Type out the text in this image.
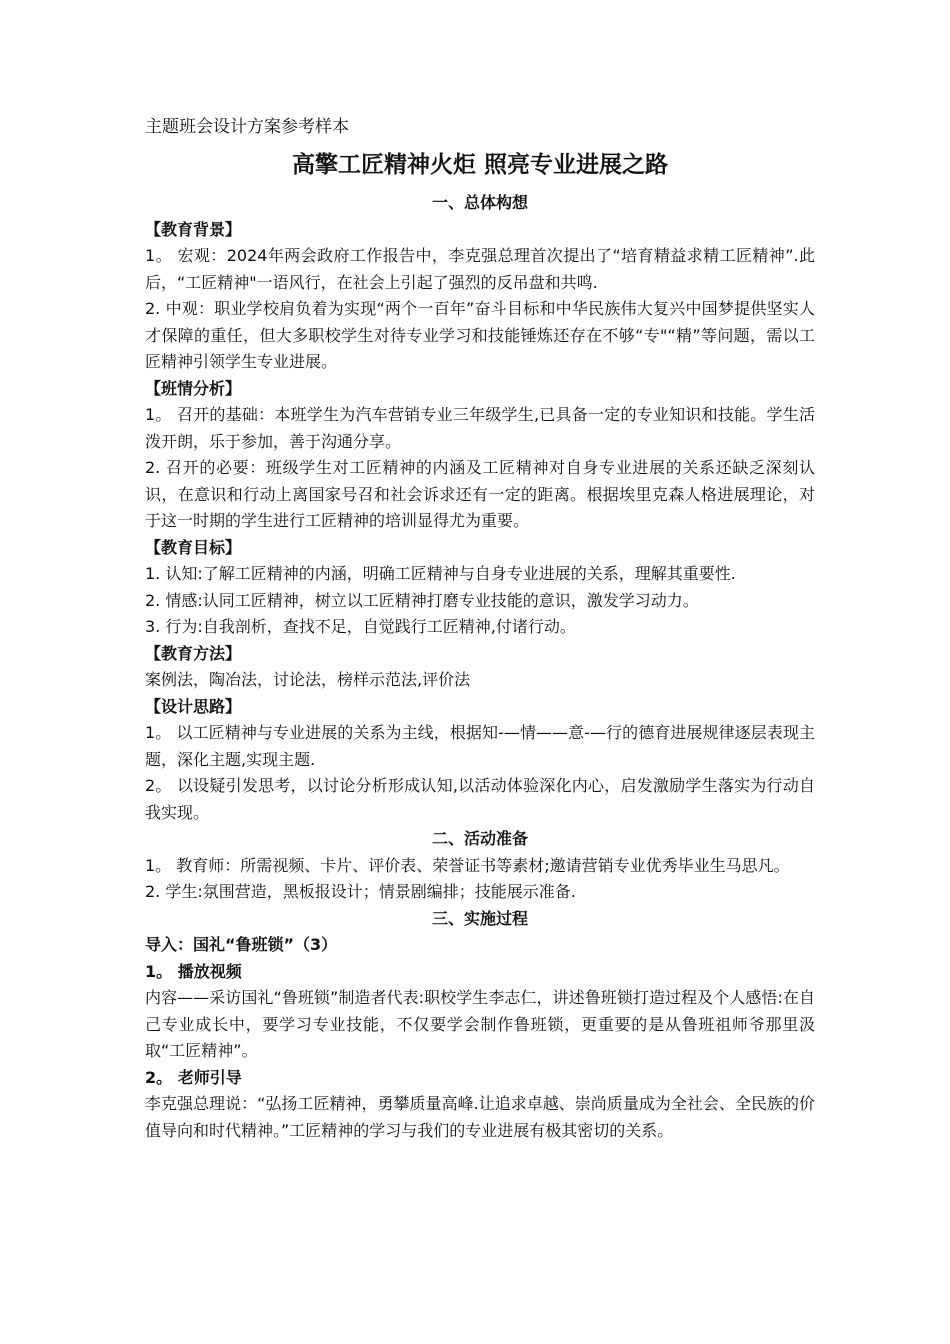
主题班会设计方案参考样本

高擎工匠精神火炬 照亮专业进展之路

一、总体构想

【教育背景】

1。 宏观：2024年两会政府工作报告中，李克强总理首次提出了“培育精益求精工匠精神”.此后，“工匠精神"一语风行，在社会上引起了强烈的反吊盘和共鸣.

2. 中观：职业学校肩负着为实现“两个一百年”奋斗目标和中华民族伟大复兴中国梦提供坚实人才保障的重任，但大多职校学生对待专业学习和技能锤炼还存在不够“专"“精”等问题，需以工匠精神引领学生专业进展。

【班情分析】

1。 召开的基础：本班学生为汽车营销专业三年级学生,已具备一定的专业知识和技能。学生活泼开朗，乐于参加，善于沟通分享。

2. 召开的必要：班级学生对工匠精神的内涵及工匠精神对自身专业进展的关系还缺乏深刻认识，在意识和行动上离国家号召和社会诉求还有一定的距离。根据埃里克森人格进展理论，对于这一时期的学生进行工匠精神的培训显得尤为重要。

【教育目标】

1. 认知:了解工匠精神的内涵，明确工匠精神与自身专业进展的关系，理解其重要性.

2. 情感:认同工匠精神，树立以工匠精神打磨专业技能的意识，激发学习动力。

3. 行为:自我剖析，查找不足，自觉践行工匠精神,付诸行动。

【教育方法】

案例法，陶冶法，讨论法，榜样示范法,评价法

【设计思路】

1。 以工匠精神与专业进展的关系为主线，根据知-—情——意-—行的德育进展规律逐层表现主题，深化主题,实现主题.

2。 以设疑引发思考，以讨论分析形成认知,以活动体验深化内心，启发激励学生落实为行动自我实现。

二、活动准备

1。 教育师：所需视频、卡片、评价表、荣誉证书等素材;邀请营销专业优秀毕业生马思凡。

2. 学生:氛围营造，黑板报设计；情景剧编排；技能展示准备.

三、实施过程

导入：国礼“鲁班锁”（3）

1。 播放视频

内容——采访国礼“鲁班锁”制造者代表:职校学生李志仁，讲述鲁班锁打造过程及个人感悟:在自己专业成长中，要学习专业技能，不仅要学会制作鲁班锁，更重要的是从鲁班祖师爷那里汲取“工匠精神”。

2。 老师引导

李克强总理说：“弘扬工匠精神，勇攀质量高峰.让追求卓越、崇尚质量成为全社会、全民族的价值导向和时代精神。”工匠精神的学习与我们的专业进展有极其密切的关系。
